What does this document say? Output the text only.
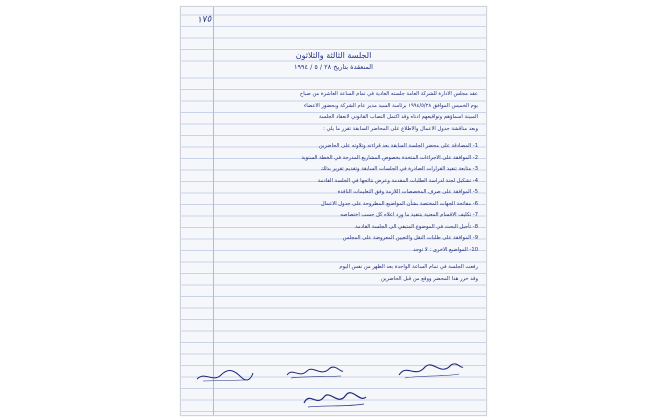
١٧٥
الجلسة الثالثة والثلاثون
المنعقدة بتاريخ ٢٨ / ٥ / ١٩٩٤
عقد مجلس الادارة للشركة العامة جلسته العادية في تمام الساعة العاشرة من صباح
يوم الخميس الموافق ١٩٩٤/٥/٢٨ برئاسة السيد مدير عام الشركة وبحضور الاعضاء
المبينة اسماؤهم وتواقيعهم ادناه وقد اكتمل النصاب القانوني لانعقاد الجلسة
وبعد مناقشة جدول الاعمال والاطلاع على المحاضر السابقة تقرر ما يلي :
1- المصادقة على محضر الجلسة السابقة بعد قراءته وتلاوته على الحاضرين
2- الموافقة على الاجراءات المتخذة بخصوص المشاريع المدرجة في الخطة السنوية
3- متابعة تنفيذ القرارات الصادرة في الجلسات السابقة وتقديم تقرير بذلك
4- تشكيل لجنة لدراسة الطلبات المقدمة وعرض نتائجها في الجلسة القادمة
5- الموافقة على صرف المخصصات اللازمة وفق التعليمات النافذة
6- مفاتحة الجهات المختصة بشأن المواضيع المطروحة على جدول الاعمال
7- تكليف الاقسام المعنية بتنفيذ ما ورد اعلاه كل حسب اختصاصه
8- تأجيل البحث في الموضوع المتبقي الى الجلسة القادمة
9- الموافقة على طلبات النقل والتعيين المعروضة على المجلس
10- المواضيع الاخرى : لا توجد
رفعت الجلسة في تمام الساعة الواحدة بعد الظهر من نفس اليوم
وقد حرر هذا المحضر ووقع من قبل الحاضرين
